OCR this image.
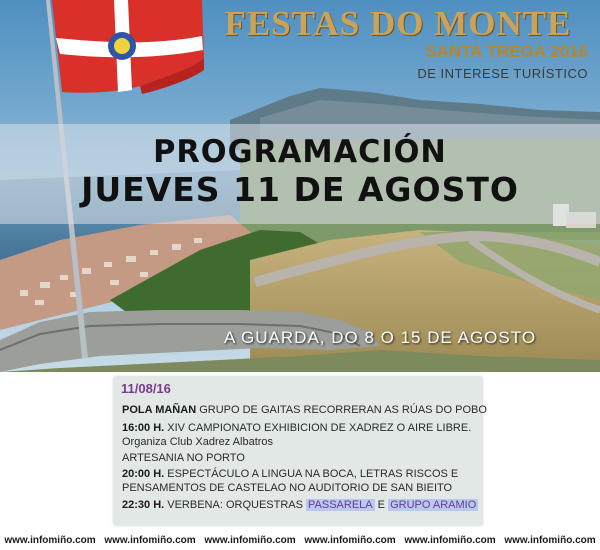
FESTAS DO MONTE
SANTA TREGA 2016
DE INTERESE TURÍSTICO
PROGRAMACIÓN
JUEVES 11 DE AGOSTO
A GUARDA, DO 8 O 15 DE AGOSTO
11/08/16
POLA MAÑAN GRUPO DE GAITAS RECORRERAN AS RÚAS DO POBO
16:00 H. XIV CAMPIONATO EXHIBICION DE XADREZ O AIRE LIBRE.
Organiza Club Xadrez Albatros
ARTESANIA NO PORTO
20:00 H. ESPECTÁCULO A LINGUA NA BOCA, LETRAS RISCOS E
PENSAMENTOS DE CASTELAO NO AUDITORIO DE SAN BIEITO
22:30 H. VERBENA: ORQUESTRAS PASSARELA E GRUPO ARAMIO
www.infomiño.com www.infomiño.com www.infomiño.com www.infomiño.com www.infomiño.com www.infomiño.com
